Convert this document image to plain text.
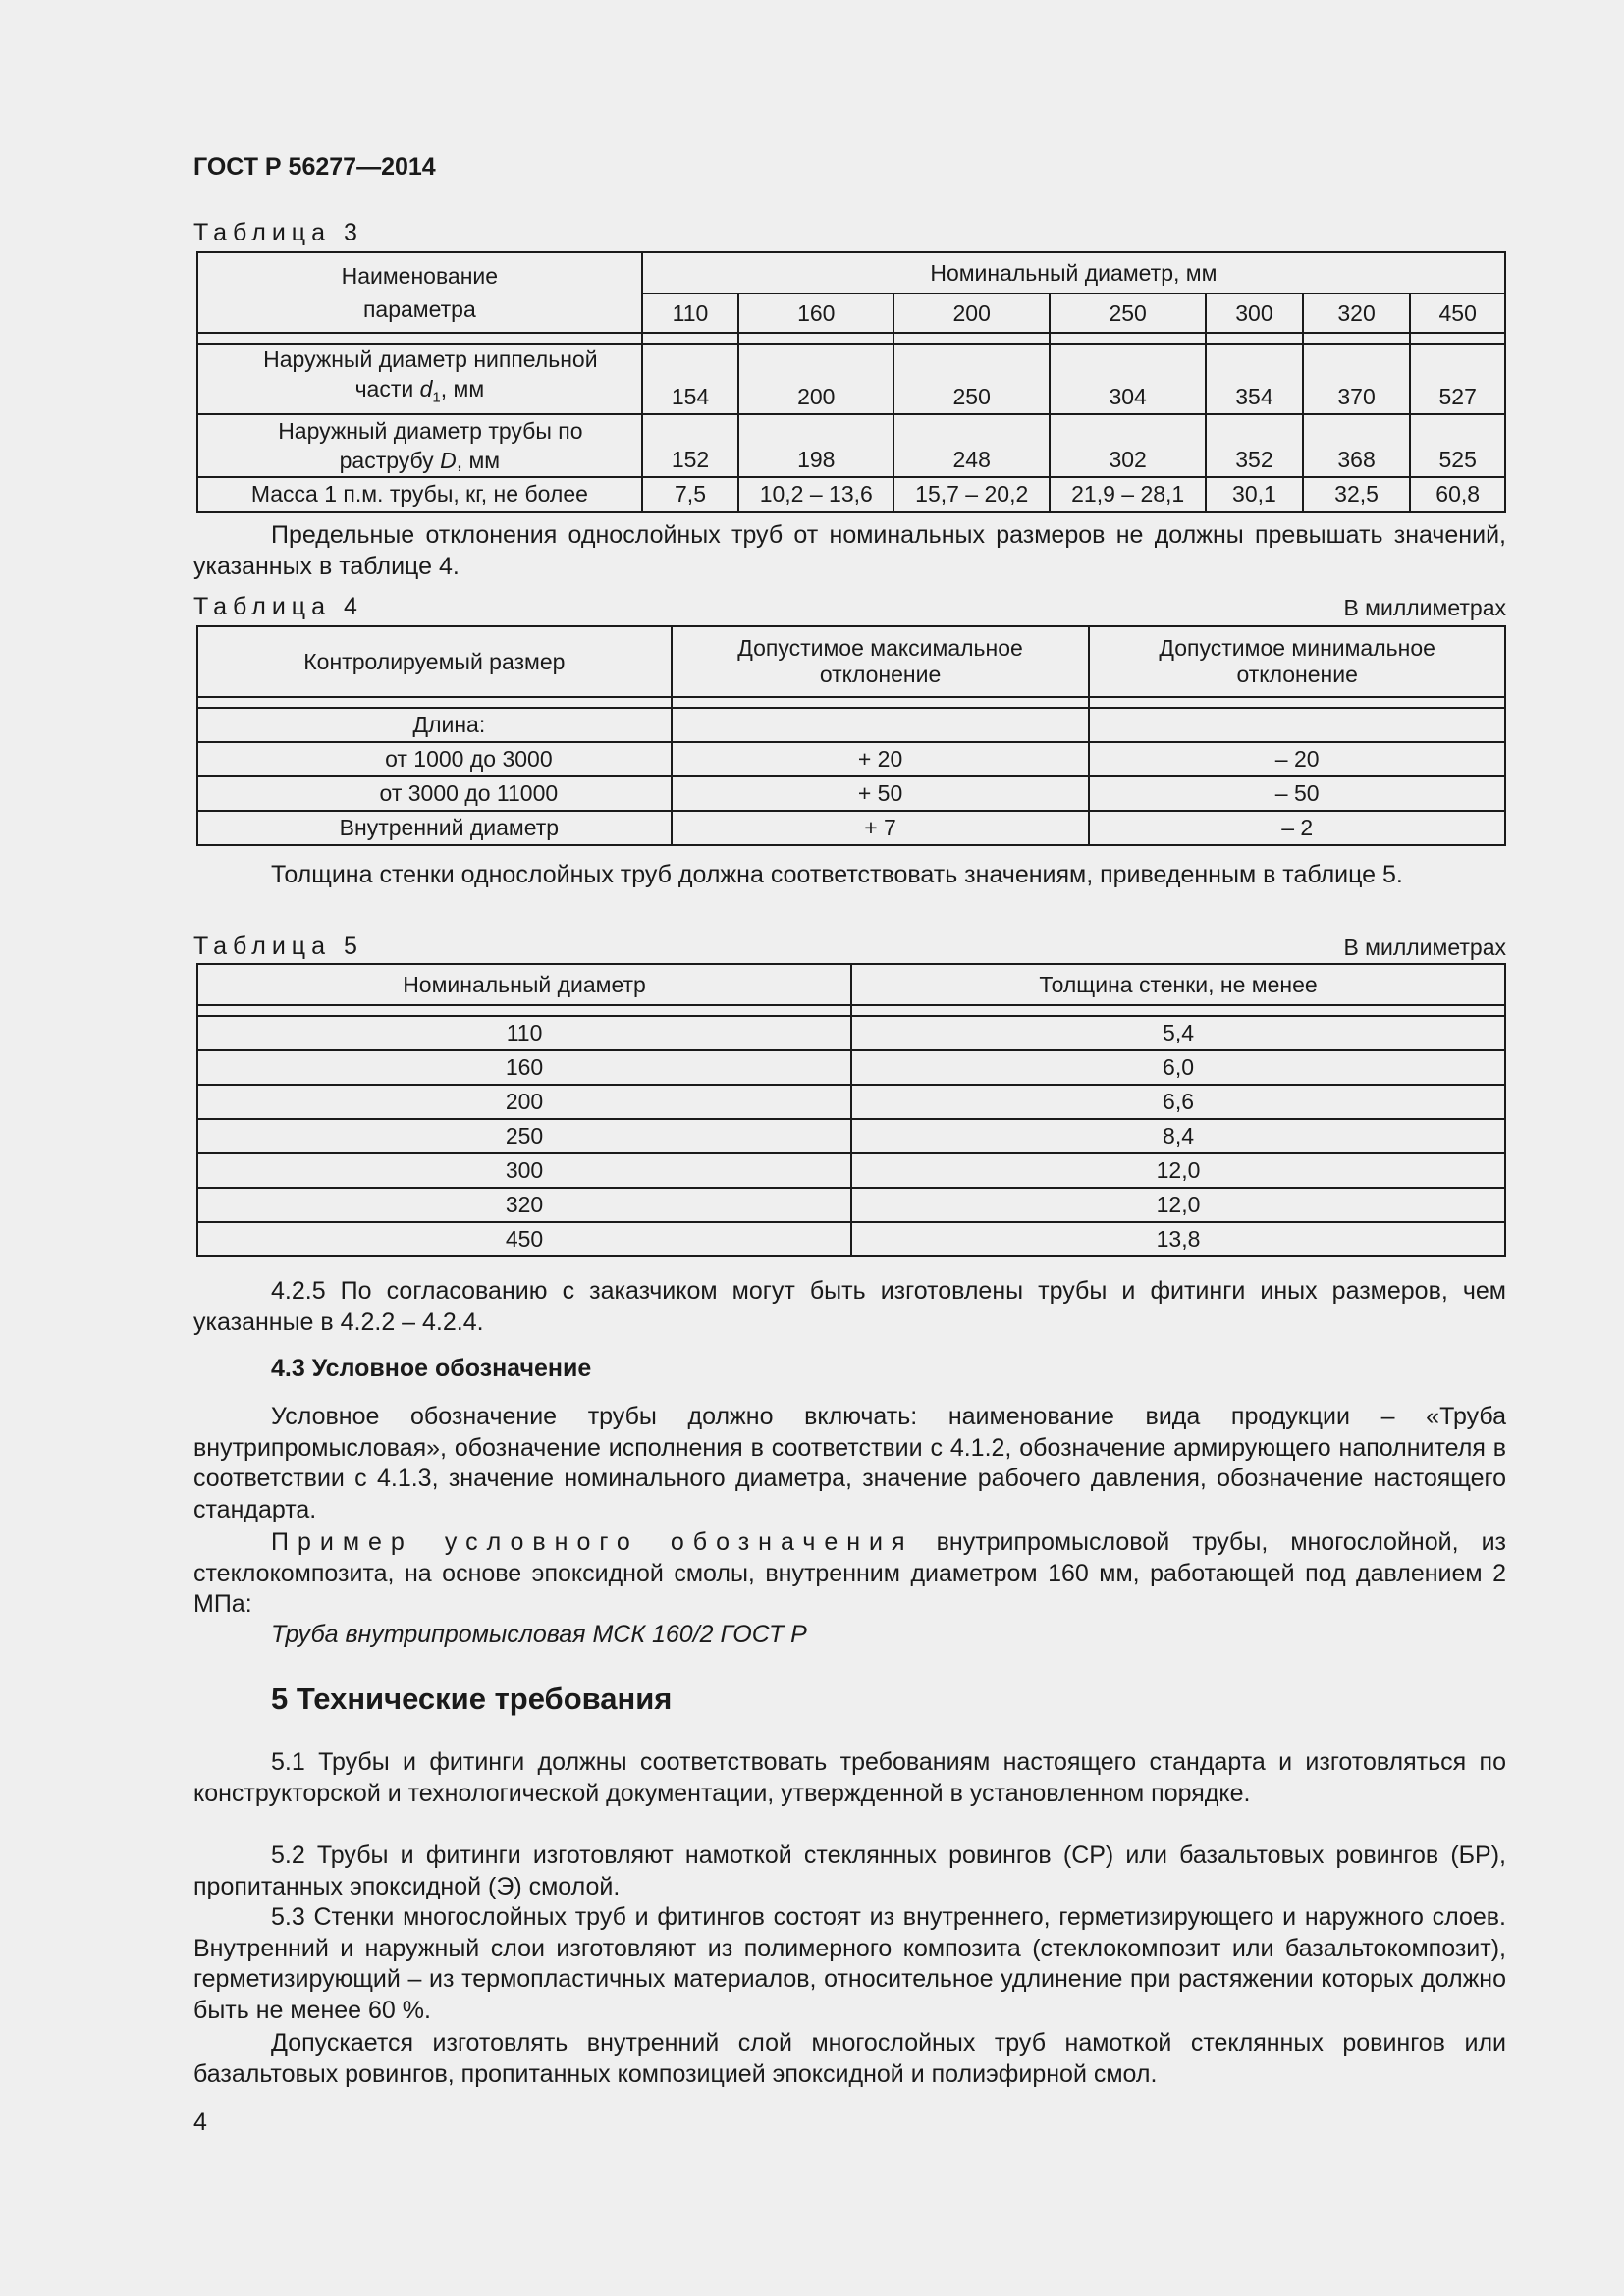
ГОСТ Р 56277—2014
Таблица 3
Наименование параметра	Номинальный диаметр, мм						
	110	160	200	250	300	320	450

Наружный диаметр ниппельной
части $d_1$, мм	154	200	250	304	354	370	527

Наружный диаметр трубы по
раструбу D, мм	152	198	248	302	352	368	525
Масса 1 п.м. трубы, кг, не более	7,5	10,2 – 13,6	15,7 – 20,2	21,9 – 28,1	30,1	32,5	60,8
Предельные отклонения однослойных труб от номинальных размеров не должны превышать значений, указанных в таблице 4.
Таблица 4	В миллиметрах
Контролируемый размер	Допустимое максимальное отклонение	Допустимое минимальное отклонение

Длина:		
от 1000 до 3000	+ 20	– 20
от 3000 до 11000	+ 50	– 50
Внутренний диаметр	+ 7	– 2
Толщина стенки однослойных труб должна соответствовать значениям, приведенным в таблице 5.
Таблица 5	В миллиметрах
Номинальный диаметр	Толщина стенки, не менее

110	5,4
160	6,0
200	6,6
250	8,4
300	12,0
320	12,0
450	13,8
4.2.5 По согласованию с заказчиком могут быть изготовлены трубы и фитинги иных размеров, чем указанные в 4.2.2 – 4.2.4.
4.3 Условное обозначение
Условное обозначение трубы должно включать: наименование вида продукции – «Труба внутрипромысловая», обозначение исполнения в соответствии с 4.1.2, обозначение армирующего наполнителя в соответствии с 4.1.3, значение номинального диаметра, значение рабочего давления, обозначение настоящего стандарта.
Пример условного обозначения внутрипромысловой трубы, многослойной, из стеклокомпозита, на основе эпоксидной смолы, внутренним диаметром 160 мм, работающей под давлением 2 МПа:
Труба внутрипромысловая МСК 160/2 ГОСТ Р
5 Технические требования
5.1 Трубы и фитинги должны соответствовать требованиям настоящего стандарта и изготовляться по конструкторской и технологической документации, утвержденной в установленном порядке.
5.2 Трубы и фитинги изготовляют намоткой стеклянных ровингов (СР) или базальтовых ровингов (БР), пропитанных эпоксидной (Э) смолой.
5.3 Стенки многослойных труб и фитингов состоят из внутреннего, герметизирующего и наружного слоев. Внутренний и наружный слои изготовляют из полимерного композита (стеклокомпозит или базальтокомпозит), герметизирующий – из термопластичных материалов, относительное удлинение при растяжении которых должно быть не менее 60 %.
Допускается изготовлять внутренний слой многослойных труб намоткой стеклянных ровингов или базальтовых ровингов, пропитанных композицией эпоксидной и полиэфирной смол.
4
